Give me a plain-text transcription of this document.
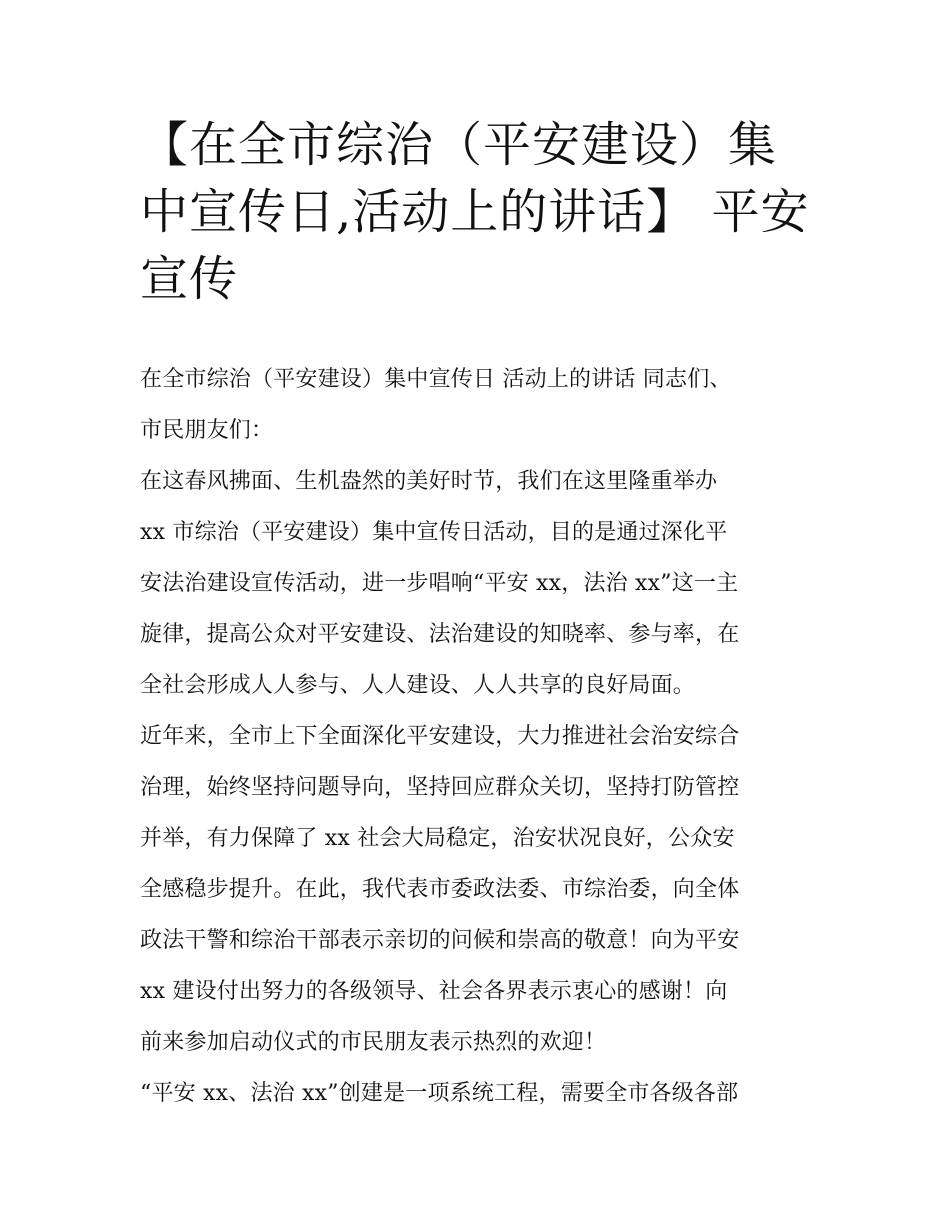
【在全市综治（平安建设）集
中宣传日,活动上的讲话】 平安
宣传
在全市综治（平安建设）集中宣传日 活动上的讲话 同志们、
市民朋友们：
在这春风拂面、生机盎然的美好时节，我们在这里隆重举办
xx 市综治（平安建设）集中宣传日活动，目的是通过深化平
安法治建设宣传活动，进一步唱响“平安 xx，法治 xx”这一主
旋律，提高公众对平安建设、法治建设的知晓率、参与率，在
全社会形成人人参与、人人建设、人人共享的良好局面。
近年来，全市上下全面深化平安建设，大力推进社会治安综合
治理，始终坚持问题导向，坚持回应群众关切，坚持打防管控
并举，有力保障了 xx 社会大局稳定，治安状况良好，公众安
全感稳步提升。在此，我代表市委政法委、市综治委，向全体
政法干警和综治干部表示亲切的问候和崇高的敬意！向为平安
xx 建设付出努力的各级领导、社会各界表示衷心的感谢！向
前来参加启动仪式的市民朋友表示热烈的欢迎！
“平安 xx、法治 xx”创建是一项系统工程，需要全市各级各部
